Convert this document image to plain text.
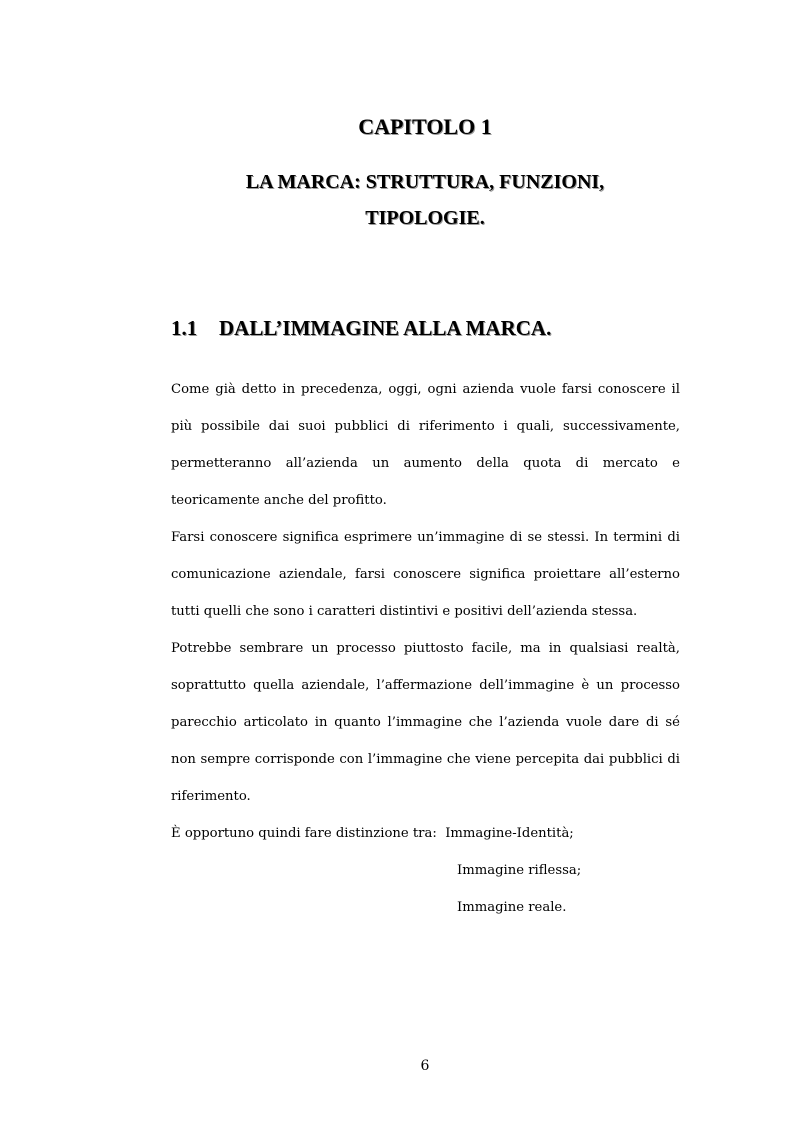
CAPITOLO 1
LA MARCA: STRUTTURA, FUNZIONI,
TIPOLOGIE.
1.1 DALL’IMMAGINE ALLA MARCA.

Come già detto in precedenza, oggi, ogni azienda vuole farsi conoscere il più possibile dai suoi pubblici di riferimento i quali, successivamente, permetteranno all’azienda un aumento della quota di mercato e teoricamente anche del profitto.

Farsi conoscere significa esprimere un’immagine di se stessi. In termini di comunicazione aziendale, farsi conoscere significa proiettare all’esterno tutti quelli che sono i caratteri distintivi e positivi dell’azienda stessa.

Potrebbe sembrare un processo piuttosto facile, ma in qualsiasi realtà, soprattutto quella aziendale, l’affermazione dell’immagine è un processo parecchio articolato in quanto l’immagine che l’azienda vuole dare di sé non sempre corrisponde con l’immagine che viene percepita dai pubblici di riferimento.

È opportuno quindi fare distinzione tra: Immagine-Identità;
Immagine riflessa;
Immagine reale.
6
